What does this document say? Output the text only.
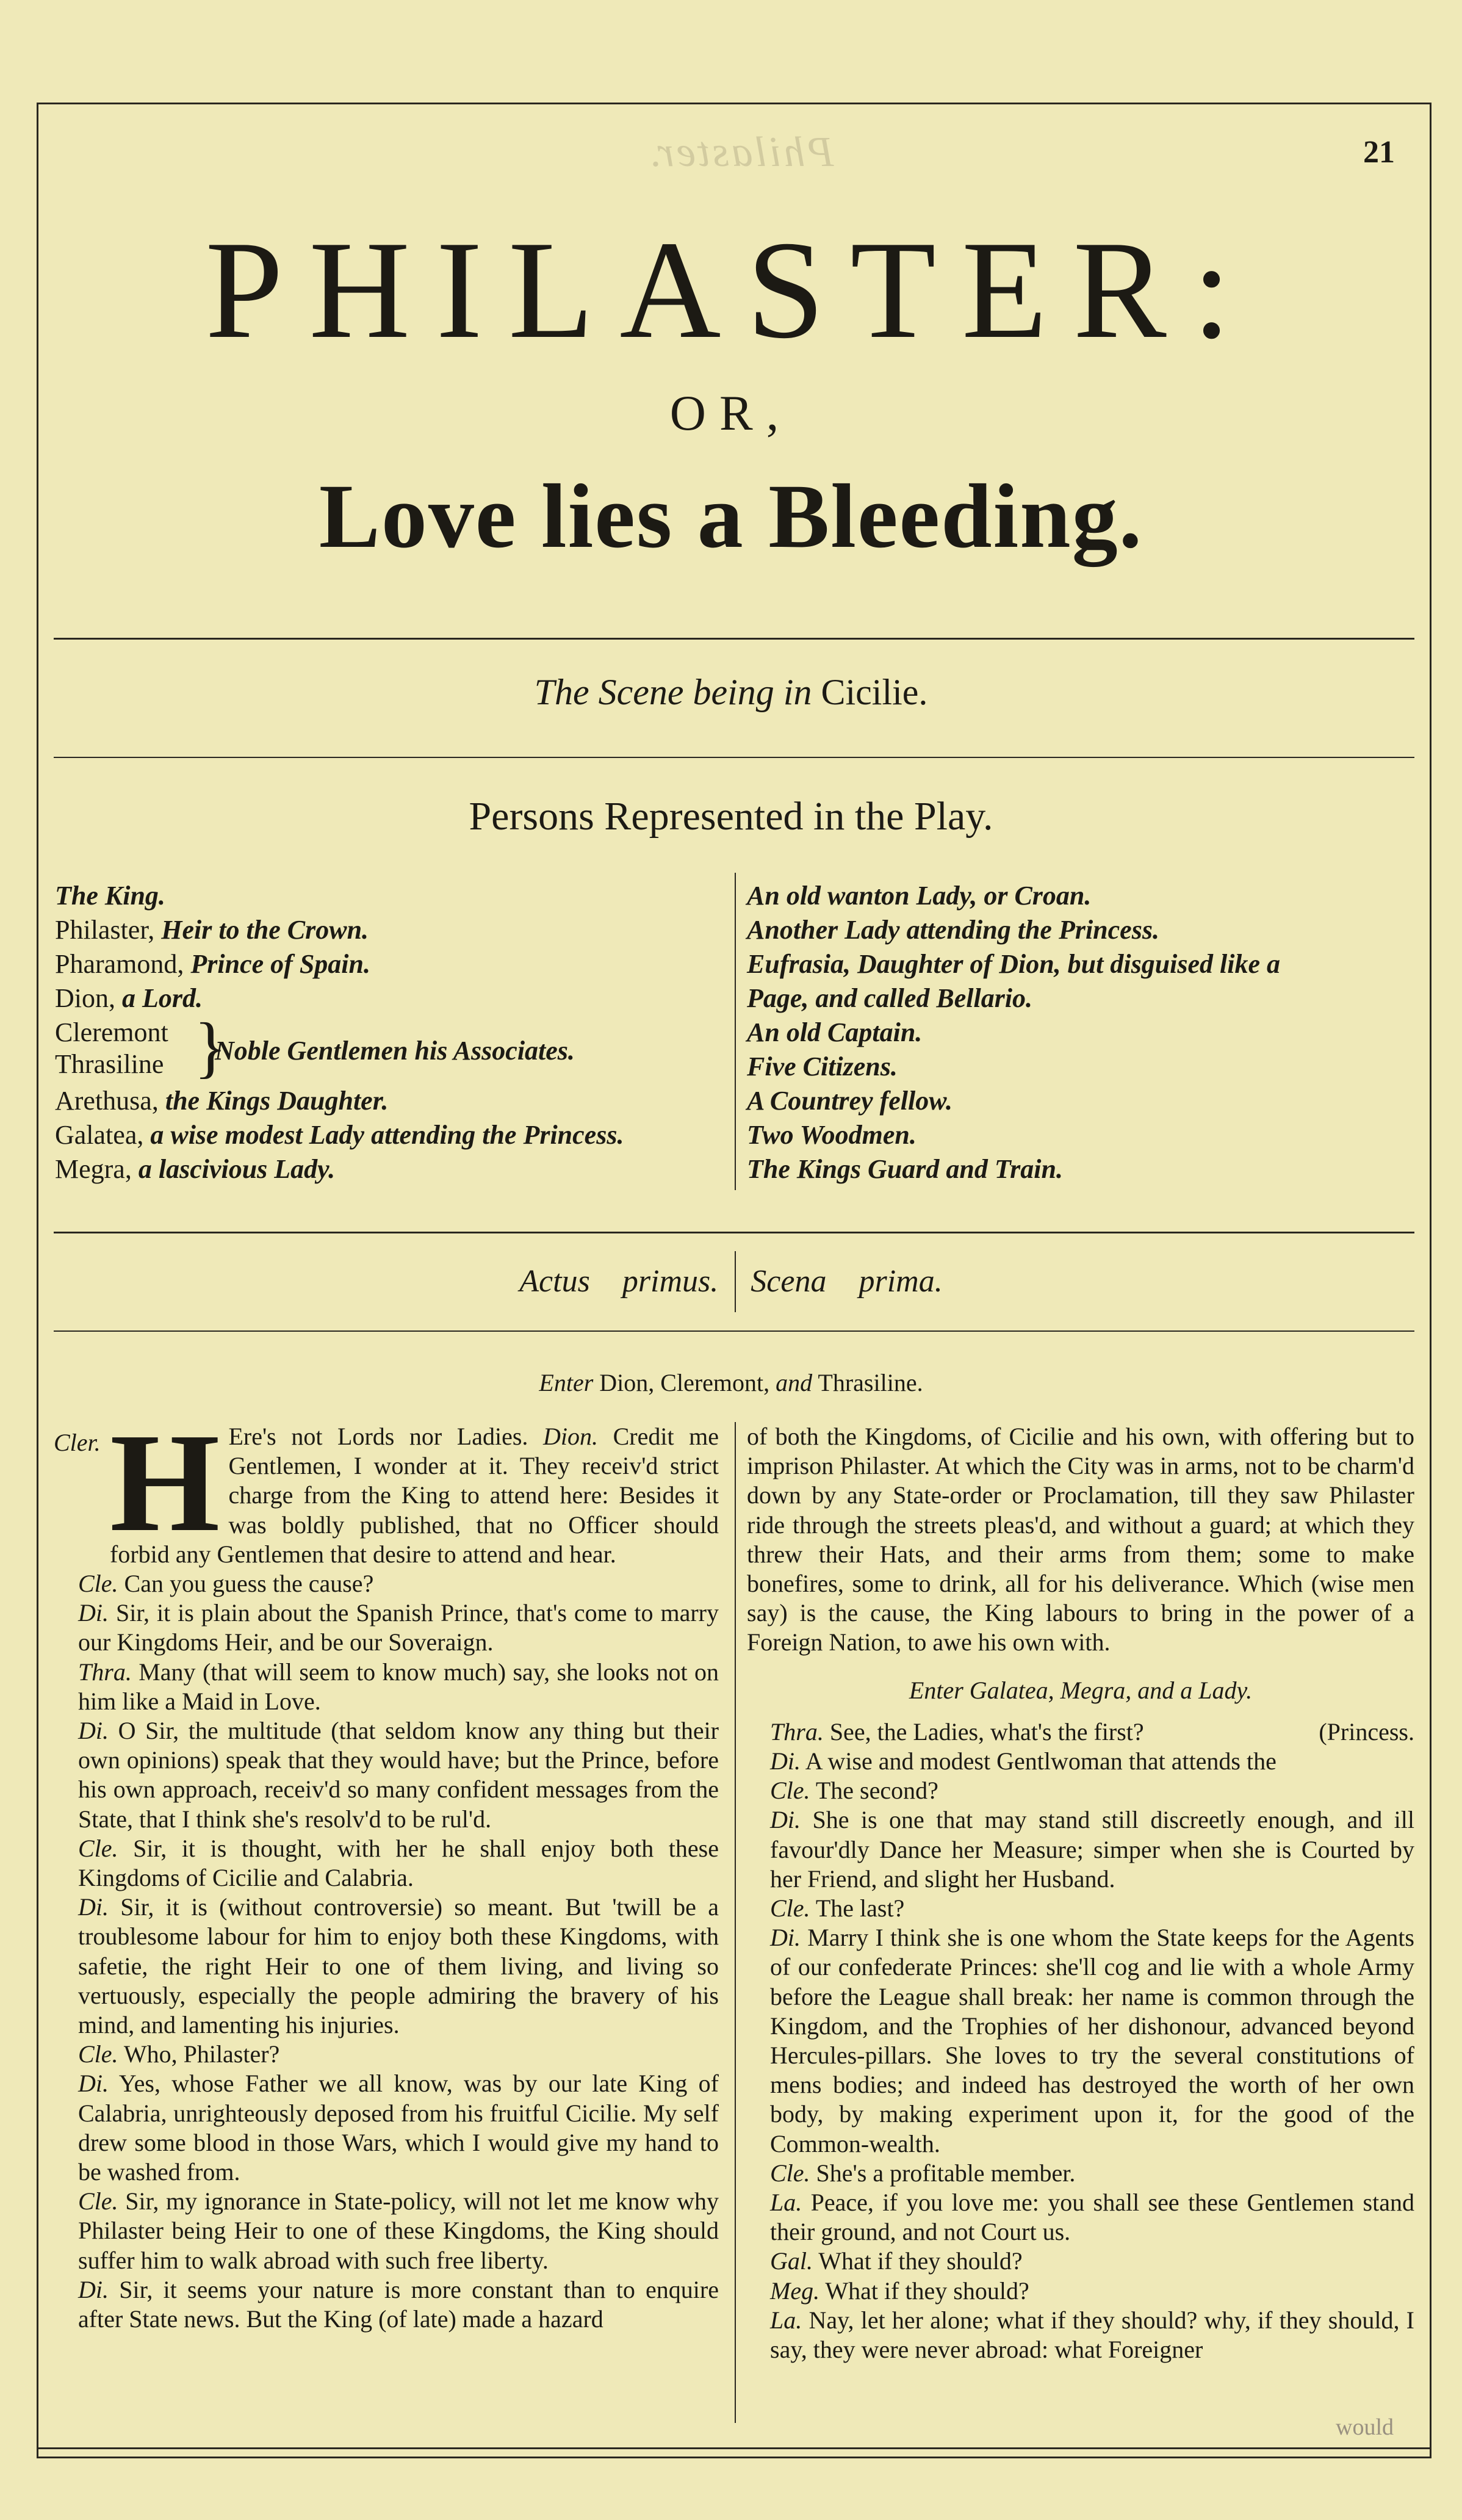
Philaster.	21
PHILASTER:
OR,
Love lies a Bleeding.
The Scene being in Cicilie.
Persons Represented in the Play.
The King.
Philaster, Heir to the Crown.
Pharamond, Prince of Spain.
Dion, a Lord.
Cleremont
Thrasiline }
Noble Gentlemen his Associates.
Arethusa, the Kings Daughter.
Galatea, a wise modest Lady attending the Princess.
Megra, a lascivious Lady.
An old wanton Lady, or Croan.
Another Lady attending the Princess.
Eufrasia, Daughter of Dion, but disguised like a
Page, and called Bellario.
An old Captain.
Five Citizens.
A Countrey fellow.
Two Woodmen.
The Kings Guard and Train.
Actus primus. Scena prima.
Enter Dion, Cleremont, and Thrasiline.
Cler. H Ere's not Lords nor Ladies. Dion. Credit me Gentlemen, I wonder at it. They receiv'd strict charge from the King to attend here: Besides it was boldly published, that no Officer should forbid any Gentlemen that desire to attend and hear.

Cle. Can you guess the cause?

Di. Sir, it is plain about the Spanish Prince, that's come to marry our Kingdoms Heir, and be our Soveraign.

Thra. Many (that will seem to know much) say, she looks not on him like a Maid in Love.

Di. O Sir, the multitude (that seldom know any thing but their own opinions) speak that they would have; but the Prince, before his own approach, receiv'd so many confident messages from the State, that I think she's resolv'd to be rul'd.

Cle. Sir, it is thought, with her he shall enjoy both these Kingdoms of Cicilie and Calabria.

Di. Sir, it is (without controversie) so meant. But 'twill be a troublesome labour for him to enjoy both these Kingdoms, with safetie, the right Heir to one of them living, and living so vertuously, especially the people admiring the bravery of his mind, and lamenting his injuries.

Cle. Who, Philaster?

Di. Yes, whose Father we all know, was by our late King of Calabria, unrighteously deposed from his fruitful Cicilie. My self drew some blood in those Wars, which I would give my hand to be washed from.

Cle. Sir, my ignorance in State-policy, will not let me know why Philaster being Heir to one of these Kingdoms, the King should suffer him to walk abroad with such free liberty.

Di. Sir, it seems your nature is more constant than to enquire after State news. But the King (of late) made a hazard

of both the Kingdoms, of Cicilie and his own, with offering but to imprison Philaster. At which the City was in arms, not to be charm'd down by any State-order or Proclamation, till they saw Philaster ride through the streets pleas'd, and without a guard; at which they threw their Hats, and their arms from them; some to make bonefires, some to drink, all for his deliverance. Which (wise men say) is the cause, the King labours to bring in the power of a Foreign Nation, to awe his own with.

Enter Galatea, Megra, and a Lady.

Thra. See, the Ladies, what's the first?	(Princess.

Di. A wise and modest Gentlwoman that attends the

Cle. The second?

Di. She is one that may stand still discreetly enough, and ill favour'dly Dance her Measure; simper when she is Courted by her Friend, and slight her Husband.

Cle. The last?

Di. Marry I think she is one whom the State keeps for the Agents of our confederate Princes: she'll cog and lie with a whole Army before the League shall break: her name is common through the Kingdom, and the Trophies of her dishonour, advanced beyond Hercules-pillars. She loves to try the several constitutions of mens bodies; and indeed has destroyed the worth of her own body, by making experiment upon it, for the good of the Common-wealth.

Cle. She's a profitable member.

La. Peace, if you love me: you shall see these Gentlemen stand their ground, and not Court us.

Gal. What if they should?

Meg. What if they should?

La. Nay, let her alone; what if they should? why, if they should, I say, they were never abroad: what Foreigner

would
